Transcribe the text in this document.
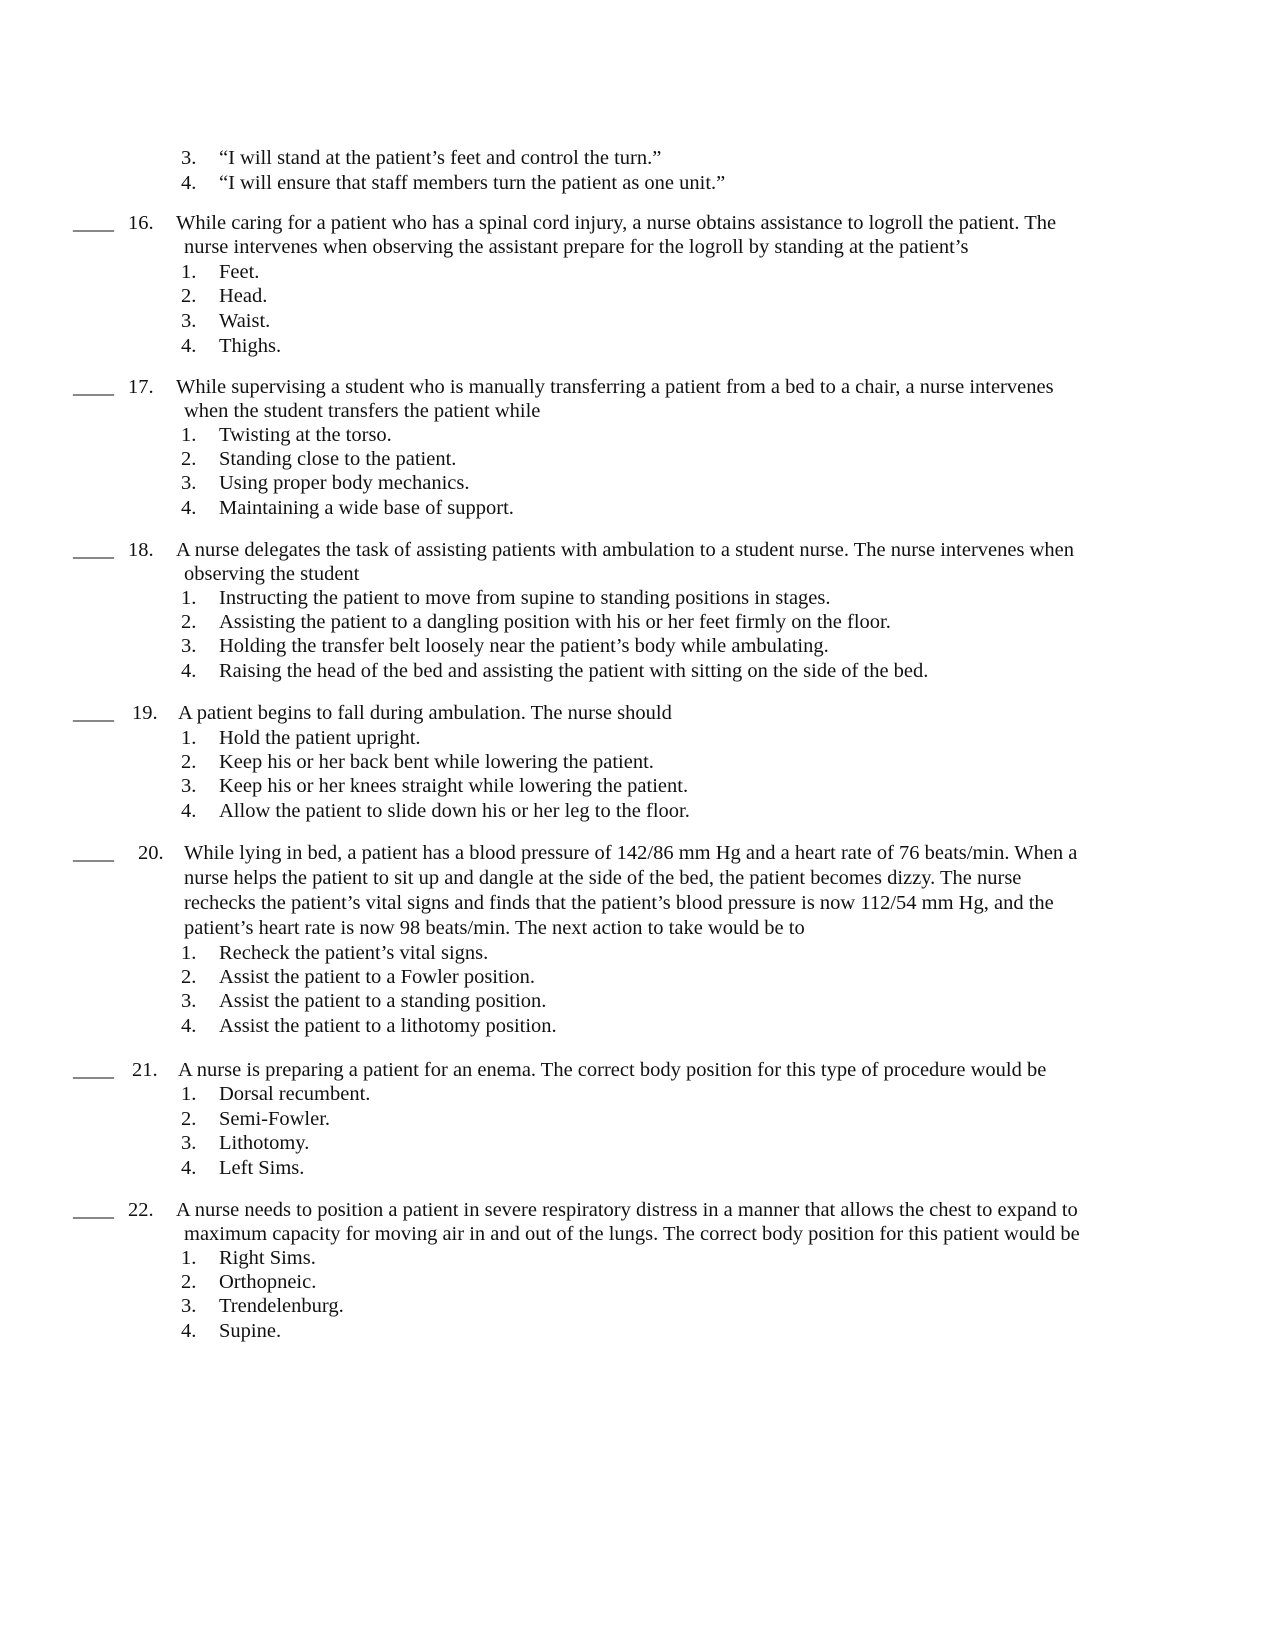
3. “I will stand at the patient’s feet and control the turn.”
4. “I will ensure that staff members turn the patient as one unit.”
____ 16. While caring for a patient who has a spinal cord injury, a nurse obtains assistance to logroll the patient. The
nurse intervenes when observing the assistant prepare for the logroll by standing at the patient’s
1. Feet.
2. Head.
3. Waist.
4. Thighs.
____ 17. While supervising a student who is manually transferring a patient from a bed to a chair, a nurse intervenes
when the student transfers the patient while
1. Twisting at the torso.
2. Standing close to the patient.
3. Using proper body mechanics.
4. Maintaining a wide base of support.
____ 18. A nurse delegates the task of assisting patients with ambulation to a student nurse. The nurse intervenes when
observing the student
1. Instructing the patient to move from supine to standing positions in stages.
2. Assisting the patient to a dangling position with his or her feet firmly on the floor.
3. Holding the transfer belt loosely near the patient’s body while ambulating.
4. Raising the head of the bed and assisting the patient with sitting on the side of the bed.
____ 19. A patient begins to fall during ambulation. The nurse should
1. Hold the patient upright.
2. Keep his or her back bent while lowering the patient.
3. Keep his or her knees straight while lowering the patient.
4. Allow the patient to slide down his or her leg to the floor.
____ 20. While lying in bed, a patient has a blood pressure of 142/86 mm Hg and a heart rate of 76 beats/min. When a
nurse helps the patient to sit up and dangle at the side of the bed, the patient becomes dizzy. The nurse
rechecks the patient’s vital signs and finds that the patient’s blood pressure is now 112/54 mm Hg, and the
patient’s heart rate is now 98 beats/min. The next action to take would be to
1. Recheck the patient’s vital signs.
2. Assist the patient to a Fowler position.
3. Assist the patient to a standing position.
4. Assist the patient to a lithotomy position.
____ 21. A nurse is preparing a patient for an enema. The correct body position for this type of procedure would be
1. Dorsal recumbent.
2. Semi-Fowler.
3. Lithotomy.
4. Left Sims.
____ 22. A nurse needs to position a patient in severe respiratory distress in a manner that allows the chest to expand to
maximum capacity for moving air in and out of the lungs. The correct body position for this patient would be
1. Right Sims.
2. Orthopneic.
3. Trendelenburg.
4. Supine.
